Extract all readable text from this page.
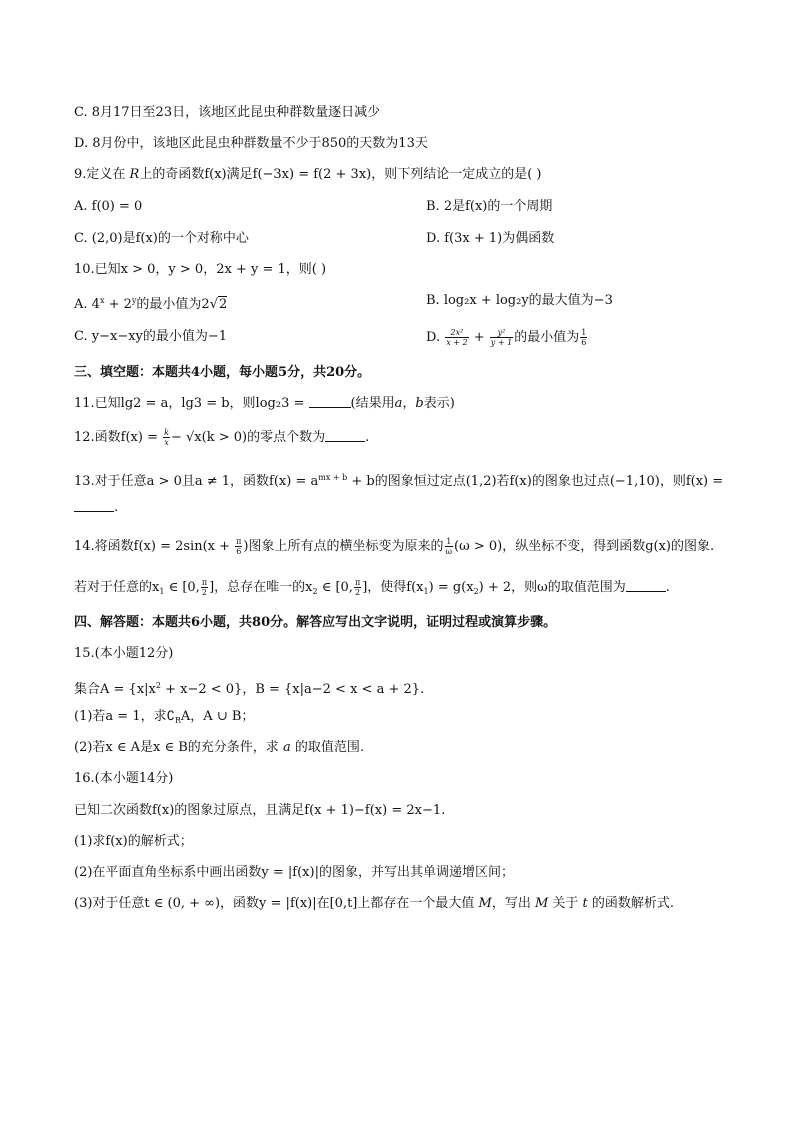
C. 8月17日至23日，该地区此昆虫种群数量逐日减少
D. 8月份中，该地区此昆虫种群数量不少于850的天数为13天
9.定义在 R上的奇函数f(x)满足f(−3x) = f(2 + 3x)，则下列结论一定成立的是( )
A. f(0) = 0	B. 2是f(x)的一个周期
C. (2,0)是f(x)的一个对称中心	D. f(3x + 1)为偶函数
10.已知x > 0，y > 0，2x + y = 1，则( )
A. $4^x + 2^y$的最小值为2√2	B. log₂x + log₂y的最大值为−3
C. y−x−xy的最小值为−1	D. $\frac{\text{2x²}}{x + 2} + \frac{\text{y²}}{y + 1}$ 的最小值为 $\frac{1}{6}$
三、填空题：本题共4小题，每小题5分，共20分。
11.已知lg2 = a，lg3 = b，则log₂3 =	(结果用a，b表示)
12.函数$f(x) = \frac{k}{x} - √x(k > 0)$的零点个数为	.
13.对于任意a > 0且a ≠ 1，函数$f(x) = a^{mx + b} + b$的图象恒过定点(1,2)若f(x)的图象也过点(−1,10)，则f(x) =
.
14.将函数$f(x) = 2\sin(x + \frac{\pi}{6}$ )图象上所有点的横坐标变为原来的 $\frac{1}{\omega} (\omega > 0)$，纵坐标不变，得到函数g(x)的图象.
若对于任意的$x_1$ ∈ [0, $\frac{\pi}{2}$ ]，总存在唯一的$x_2$ ∈ [0, $\frac{\pi}{2}$ ]，使得$f(x_1) = g(x_2) + 2$，则ω的取值范围为	.
四、解答题：本题共6小题，共80分。解答应写出文字说明，证明过程或演算步骤。
15.(本小题12分)
集合$A = \{x|x^2 + x-2 < 0\}$，B = {x|a−2 < x < a + 2}.
(1)若a = 1，求$∁_RA$，A ∪ B；
(2)若x ∈ A是x ∈ B的充分条件，求 a 的取值范围.
16.(本小题14分)
已知二次函数f(x)的图象过原点，且满足f(x + 1)−f(x) = 2x−1.
(1)求f(x)的解析式；
(2)在平面直角坐标系中画出函数y = |f(x)|的图象，并写出其单调递增区间；
(3)对于任意t ∈ (0, + ∞)，函数y = |f(x)|在[0,t]上都存在一个最大值 M，写出 M 关于 t 的函数解析式.
